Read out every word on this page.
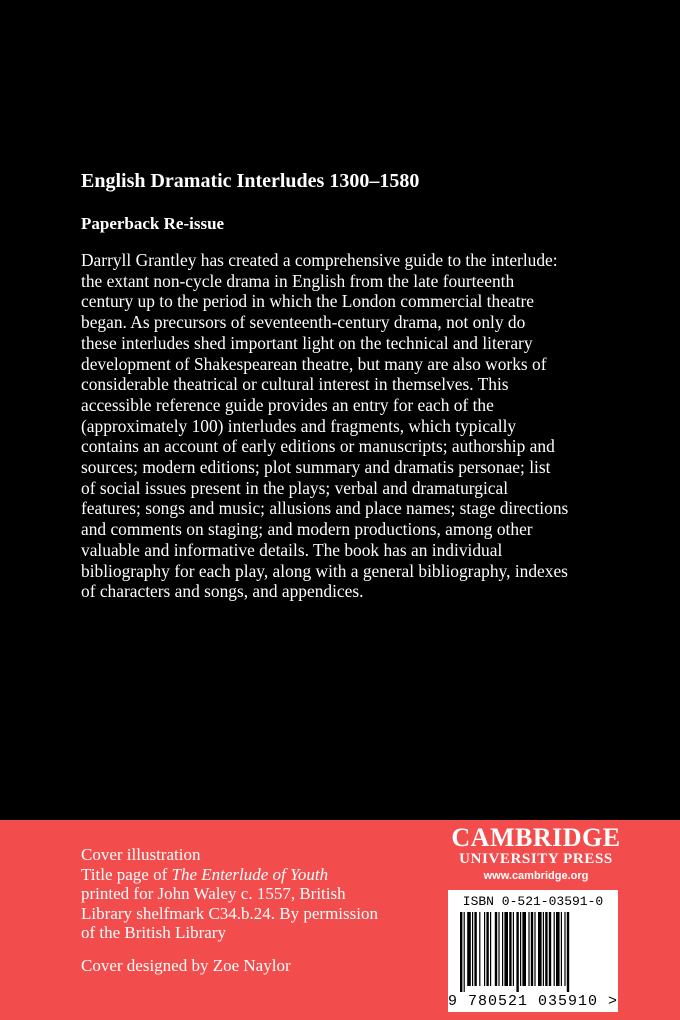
English Dramatic Interludes 1300–1580
Paperback Re-issue
Darryll Grantley has created a comprehensive guide to the interlude:
the extant non-cycle drama in English from the late fourteenth
century up to the period in which the London commercial theatre
began. As precursors of seventeenth-century drama, not only do
these interludes shed important light on the technical and literary
development of Shakespearean theatre, but many are also works of
considerable theatrical or cultural interest in themselves. This
accessible reference guide provides an entry for each of the
(approximately 100) interludes and fragments, which typically
contains an account of early editions or manuscripts; authorship and
sources; modern editions; plot summary and dramatis personae; list
of social issues present in the plays; verbal and dramaturgical
features; songs and music; allusions and place names; stage directions
and comments on staging; and modern productions, among other
valuable and informative details. The book has an individual
bibliography for each play, along with a general bibliography, indexes
of characters and songs, and appendices.
Cover illustration
Title page of The Enterlude of Youth
printed for John Waley c. 1557, British
Library shelfmark C34.b.24. By permission
of the British Library
Cover designed by Zoe Naylor
CAMBRIDGE
UNIVERSITY PRESS
www.cambridge.org
ISBN 0-521-03591-0
9 780521 035910 >
